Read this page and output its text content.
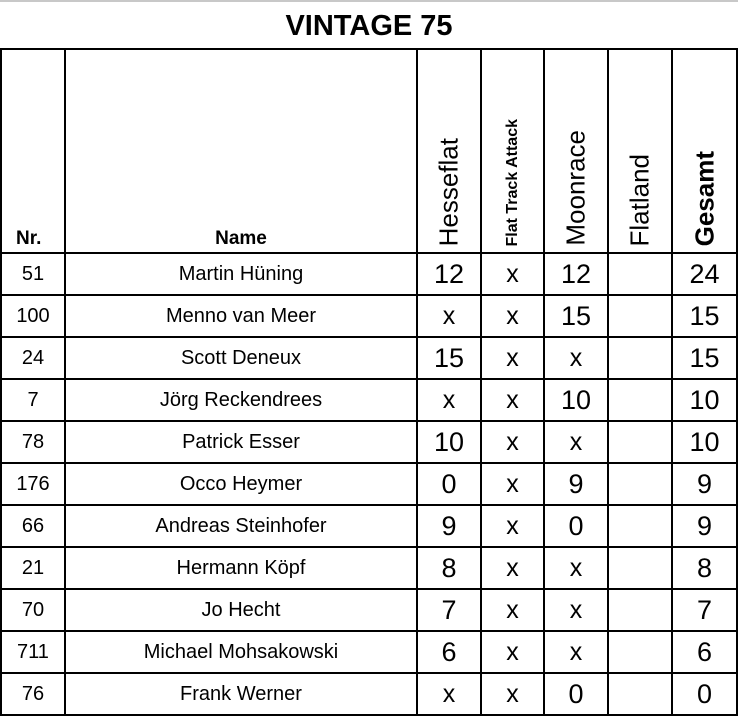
VINTAGE 75
Nr.	Name	Hesseflat	Flat Track Attack	Moonrace	Flatland	Gesamt

51	Martin Hüning	12	x	12		24
100	Menno van Meer	x	x	15		15
24	Scott Deneux	15	x	x		15
7	Jörg Reckendrees	x	x	10		10
78	Patrick Esser	10	x	x		10
176	Occo Heymer	0	x	9		9
66	Andreas Steinhofer	9	x	0		9
21	Hermann Köpf	8	x	x		8
70	Jo Hecht	7	x	x		7
711	Michael Mohsakowski	6	x	x		6
76	Frank Werner	x	x	0		0
